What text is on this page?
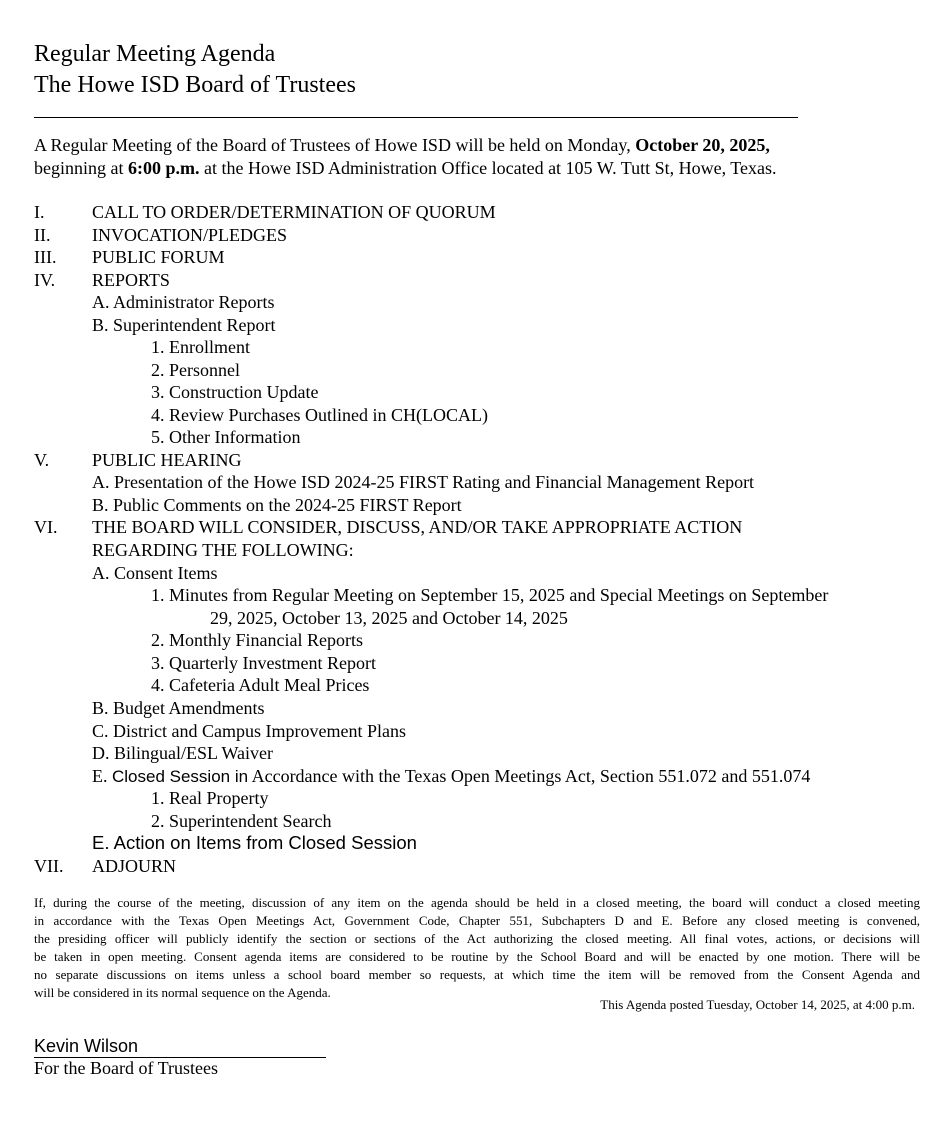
Regular Meeting Agenda
The Howe ISD Board of Trustees
A Regular Meeting of the Board of Trustees of Howe ISD will be held on Monday, October 20, 2025,
beginning at 6:00 p.m. at the Howe ISD Administration Office located at 105 W. Tutt St, Howe, Texas.
I.	CALL TO ORDER/DETERMINATION OF QUORUM
II. INVOCATION/PLEDGES
III. PUBLIC FORUM
IV. REPORTS
A. Administrator Reports
B. Superintendent Report
1. Enrollment
2. Personnel
3. Construction Update
4. Review Purchases Outlined in CH(LOCAL)
5. Other Information
V. PUBLIC HEARING
A. Presentation of the Howe ISD 2024-25 FIRST Rating and Financial Management Report
B. Public Comments on the 2024-25 FIRST Report
VI. THE BOARD WILL CONSIDER, DISCUSS, AND/OR TAKE APPROPRIATE ACTION
REGARDING THE FOLLOWING:
A. Consent Items
1. Minutes from Regular Meeting on September 15, 2025 and Special Meetings on September
29, 2025, October 13, 2025 and October 14, 2025
2. Monthly Financial Reports
3. Quarterly Investment Report
4. Cafeteria Adult Meal Prices
B. Budget Amendments
C. District and Campus Improvement Plans
D. Bilingual/ESL Waiver
E. Closed Session in Accordance with the Texas Open Meetings Act, Section 551.072 and 551.074
1. Real Property
2. Superintendent Search
E. Action on Items from Closed Session
VII. ADJOURN
If, during the course of the meeting, discussion of any item on the agenda should be held in a closed meeting, the board will conduct a closed meeting
in accordance with the Texas Open Meetings Act, Government Code, Chapter 551, Subchapters D and E. Before any closed meeting is convened,
the presiding officer will publicly identify the section or sections of the Act authorizing the closed meeting. All final votes, actions, or decisions will
be taken in open meeting. Consent agenda items are considered to be routine by the School Board and will be enacted by one motion. There will be
no separate discussions on items unless a school board member so requests, at which time the item will be removed from the Consent Agenda and
will be considered in its normal sequence on the Agenda.
This Agenda posted Tuesday, October 14, 2025, at 4:00 p.m.
Kevin Wilson
For the Board of Trustees
